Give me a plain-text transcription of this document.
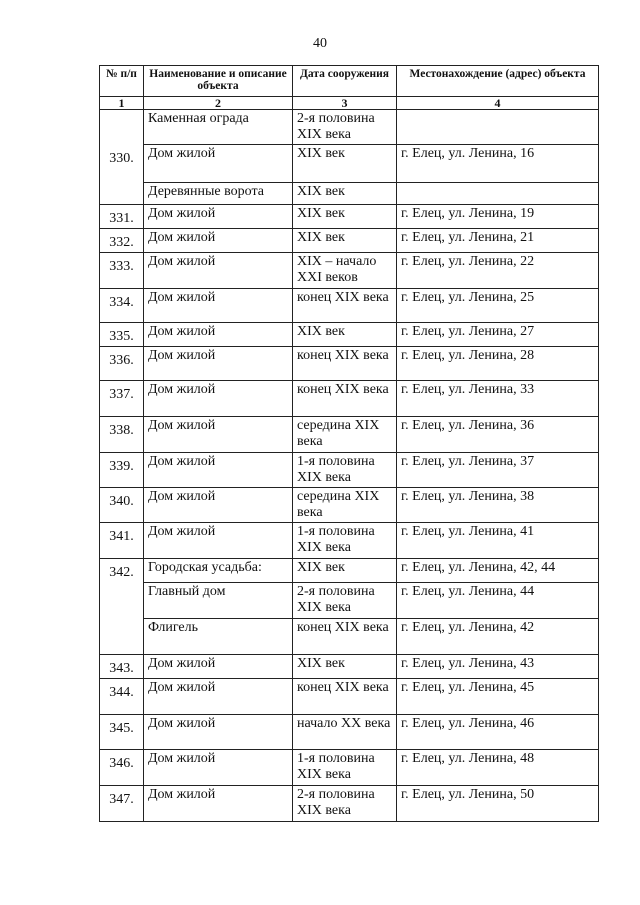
40
№ п/п	Наименование и описание объекта	Дата сооружения	Местонахождение (адрес) объекта
1	2	3	4
	Каменная ограда	2-я половина XIX века	
330.	Дом жилой	XIX век	г. Елец, ул. Ленина, 16
	Деревянные ворота	XIX век	
331.	Дом жилой	XIX век	г. Елец, ул. Ленина, 19
332.	Дом жилой	XIX век	г. Елец, ул. Ленина, 21
333.	Дом жилой	XIX – начало XXI веков	г. Елец, ул. Ленина, 22
334.	Дом жилой	конец XIX века	г. Елец, ул. Ленина, 25
335.	Дом жилой	XIX век	г. Елец, ул. Ленина, 27
336.	Дом жилой	конец XIX века	г. Елец, ул. Ленина, 28
337.	Дом жилой	конец XIX века	г. Елец, ул. Ленина, 33
338.	Дом жилой	середина XIX века	г. Елец, ул. Ленина, 36
339.	Дом жилой	1-я половина XIX века	г. Елец, ул. Ленина, 37
340.	Дом жилой	середина XIX века	г. Елец, ул. Ленина, 38
341.	Дом жилой	1-я половина XIX века	г. Елец, ул. Ленина, 41
342.	Городская усадьба:	XIX век	г. Елец, ул. Ленина, 42, 44
	Главный дом	2-я половина XIX века	г. Елец, ул. Ленина, 44
	Флигель	конец XIX века	г. Елец, ул. Ленина, 42
343.	Дом жилой	XIX век	г. Елец, ул. Ленина, 43
344.	Дом жилой	конец XIX века	г. Елец, ул. Ленина, 45
345.	Дом жилой	начало XX века	г. Елец, ул. Ленина, 46
346.	Дом жилой	1-я половина XIX века	г. Елец, ул. Ленина, 48
347.	Дом жилой	2-я половина XIX века	г. Елец, ул. Ленина, 50
